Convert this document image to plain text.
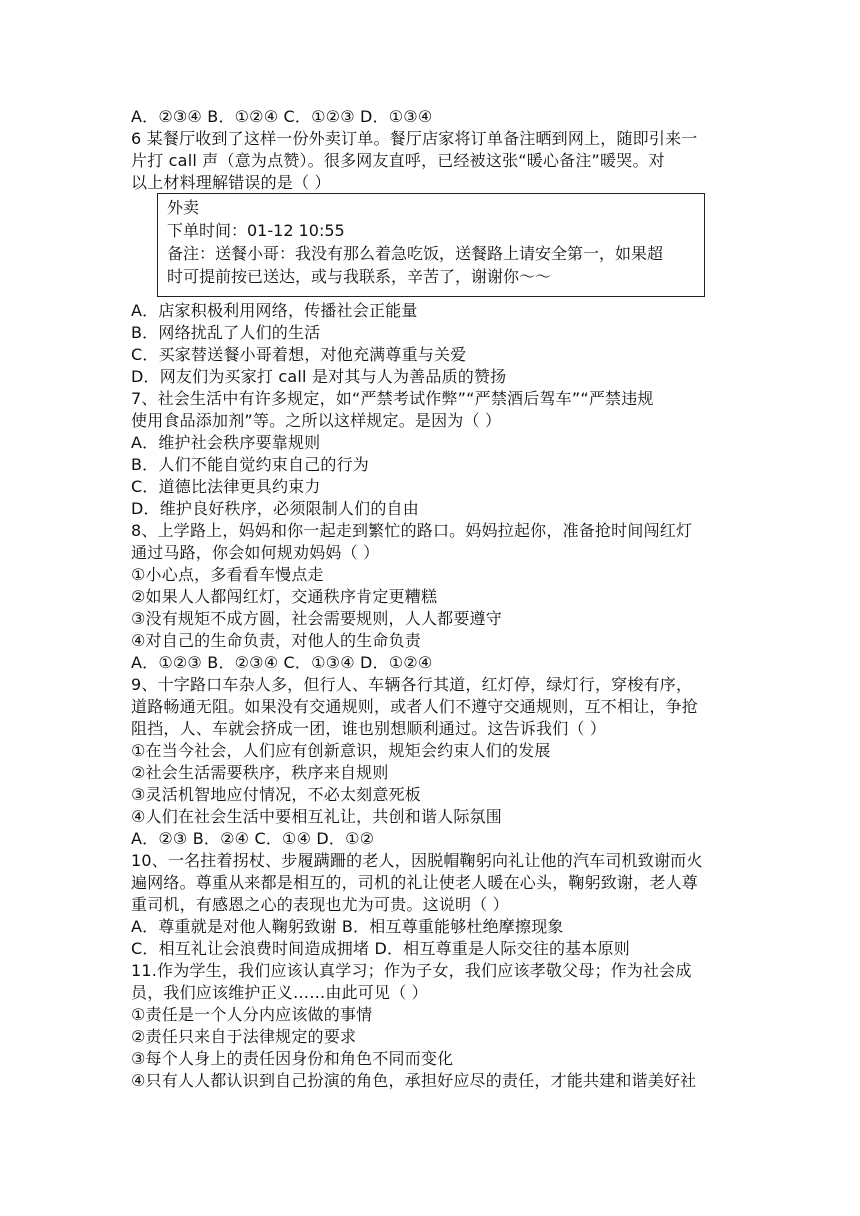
A．②③④ B．①②④ C．①②③ D．①③④
6 某餐厅收到了这样一份外卖订单。餐厅店家将订单备注晒到网上，随即引来一
片打 call 声（意为点赞）。很多网友直呼，已经被这张“暖心备注”暖哭。对
以上材料理解错误的是（ ）
外卖
下单时间：01-12 10:55
备注：送餐小哥：我没有那么着急吃饭，送餐路上请安全第一，如果超
时可提前按已送达，或与我联系，辛苦了，谢谢你～～
A．店家积极利用网络，传播社会正能量
B．网络扰乱了人们的生活
C．买家替送餐小哥着想，对他充满尊重与关爱
D．网友们为买家打 call 是对其与人为善品质的赞扬
7、社会生活中有许多规定，如“严禁考试作弊”“严禁酒后驾车”“严禁违规
使用食品添加剂”等。之所以这样规定。是因为（ ）
A．维护社会秩序要靠规则
B．人们不能自觉约束自己的行为
C．道德比法律更具约束力
D．维护良好秩序，必须限制人们的自由
8、上学路上，妈妈和你一起走到繁忙的路口。妈妈拉起你，准备抢时间闯红灯
通过马路，你会如何规劝妈妈（ ）
①小心点，多看看车慢点走
②如果人人都闯红灯，交通秩序肯定更糟糕
③没有规矩不成方圆，社会需要规则，人人都要遵守
④对自己的生命负责，对他人的生命负责
A．①②③ B．②③④ C．①③④ D．①②④
9、十字路口车杂人多，但行人、车辆各行其道，红灯停，绿灯行，穿梭有序，
道路畅通无阻。如果没有交通规则，或者人们不遵守交通规则，互不相让，争抢
阻挡，人、车就会挤成一团，谁也别想顺利通过。这告诉我们（ ）
①在当今社会，人们应有创新意识，规矩会约束人们的发展
②社会生活需要秩序，秩序来自规则
③灵活机智地应付情况，不必太刻意死板
④人们在社会生活中要相互礼让，共创和谐人际氛围
A．②③ B．②④ C．①④ D．①②
10、一名拄着拐杖、步履蹒跚的老人，因脱帽鞠躬向礼让他的汽车司机致谢而火
遍网络。尊重从来都是相互的，司机的礼让使老人暖在心头，鞠躬致谢，老人尊
重司机，有感恩之心的表现也尤为可贵。这说明（ ）
A．尊重就是对他人鞠躬致谢 B．相互尊重能够杜绝摩擦现象
C．相互礼让会浪费时间造成拥堵 D．相互尊重是人际交往的基本原则
11.作为学生，我们应该认真学习；作为子女，我们应该孝敬父母；作为社会成
员，我们应该维护正义……由此可见（ ）
①责任是一个人分内应该做的事情
②责任只来自于法律规定的要求
③每个人身上的责任因身份和角色不同而变化
④只有人人都认识到自己扮演的角色，承担好应尽的责任，才能共建和谐美好社
